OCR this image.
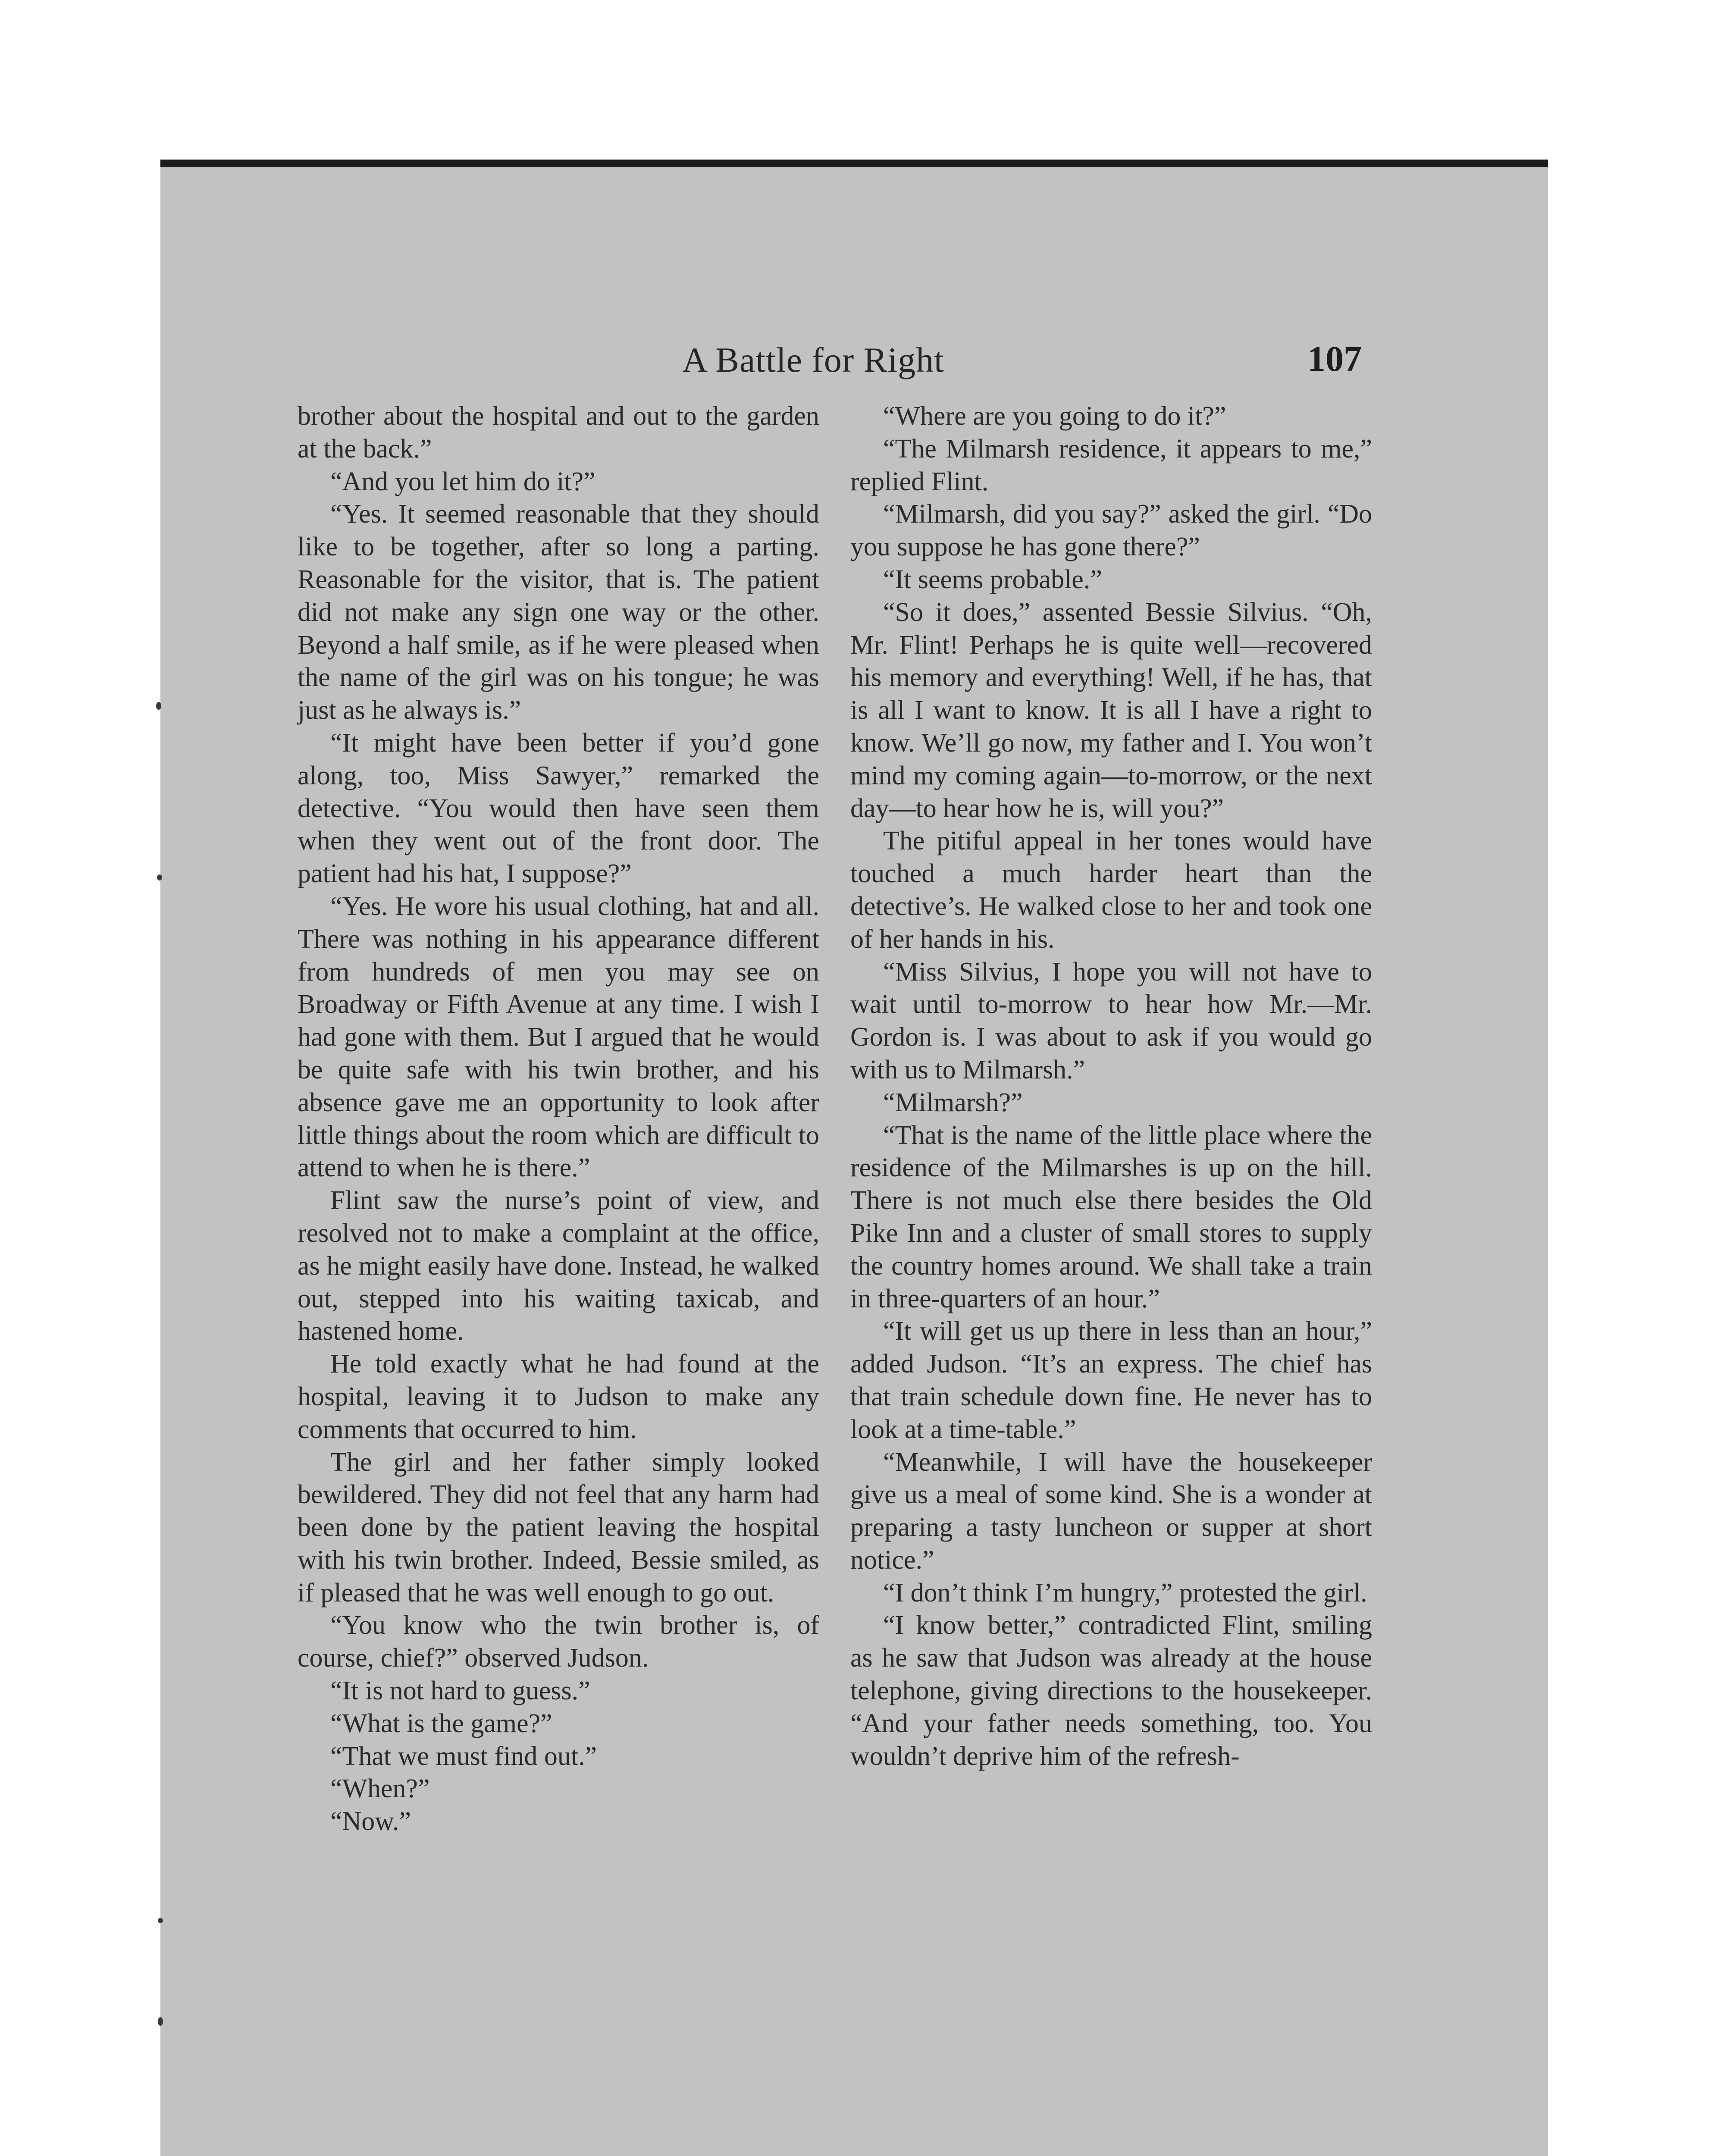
A Battle for Right	107

brother about the hospital and out to the garden at the back.”

“And you let him do it?”

“Yes. It seemed reasonable that they should like to be together, after so long a parting. Reasonable for the visitor, that is. The patient did not make any sign one way or the other. Beyond a half smile, as if he were pleased when the name of the girl was on his tongue; he was just as he always is.”

“It might have been better if you’d gone along, too, Miss Sawyer,” remarked the detective. “You would then have seen them when they went out of the front door. The patient had his hat, I suppose?”

“Yes. He wore his usual clothing, hat and all. There was nothing in his appearance different from hundreds of men you may see on Broadway or Fifth Avenue at any time. I wish I had gone with them. But I argued that he would be quite safe with his twin brother, and his absence gave me an opportunity to look after little things about the room which are difficult to attend to when he is there.”

Flint saw the nurse’s point of view, and resolved not to make a complaint at the office, as he might easily have done. Instead, he walked out, stepped into his waiting taxicab, and hastened home.

He told exactly what he had found at the hospital, leaving it to Judson to make any comments that occurred to him.

The girl and her father simply looked bewildered. They did not feel that any harm had been done by the patient leaving the hospital with his twin brother. Indeed, Bessie smiled, as if pleased that he was well enough to go out.

“You know who the twin brother is, of course, chief?” observed Judson.

“It is not hard to guess.”

“What is the game?”

“That we must find out.”

“When?”

“Now.”

“Where are you going to do it?”

“The Milmarsh residence, it appears to me,” replied Flint.

“Milmarsh, did you say?” asked the girl. “Do you suppose he has gone there?”

“It seems probable.”

“So it does,” assented Bessie Silvius. “Oh, Mr. Flint! Perhaps he is quite well—recovered his memory and everything! Well, if he has, that is all I want to know. It is all I have a right to know. We’ll go now, my father and I. You won’t mind my coming again—to-morrow, or the next day—to hear how he is, will you?”

The pitiful appeal in her tones would have touched a much harder heart than the detective’s. He walked close to her and took one of her hands in his.

“Miss Silvius, I hope you will not have to wait until to-morrow to hear how Mr.—Mr. Gordon is. I was about to ask if you would go with us to Milmarsh.”

“Milmarsh?”

“That is the name of the little place where the residence of the Milmarshes is up on the hill. There is not much else there besides the Old Pike Inn and a cluster of small stores to supply the country homes around. We shall take a train in three-quarters of an hour.”

“It will get us up there in less than an hour,” added Judson. “It’s an express. The chief has that train schedule down fine. He never has to look at a time-table.”

“Meanwhile, I will have the housekeeper give us a meal of some kind. She is a wonder at preparing a tasty luncheon or supper at short notice.”

“I don’t think I’m hungry,” protested the girl.

“I know better,” contradicted Flint, smiling as he saw that Judson was already at the house telephone, giving directions to the housekeeper. “And your father needs something, too. You wouldn’t deprive him of the refresh-
